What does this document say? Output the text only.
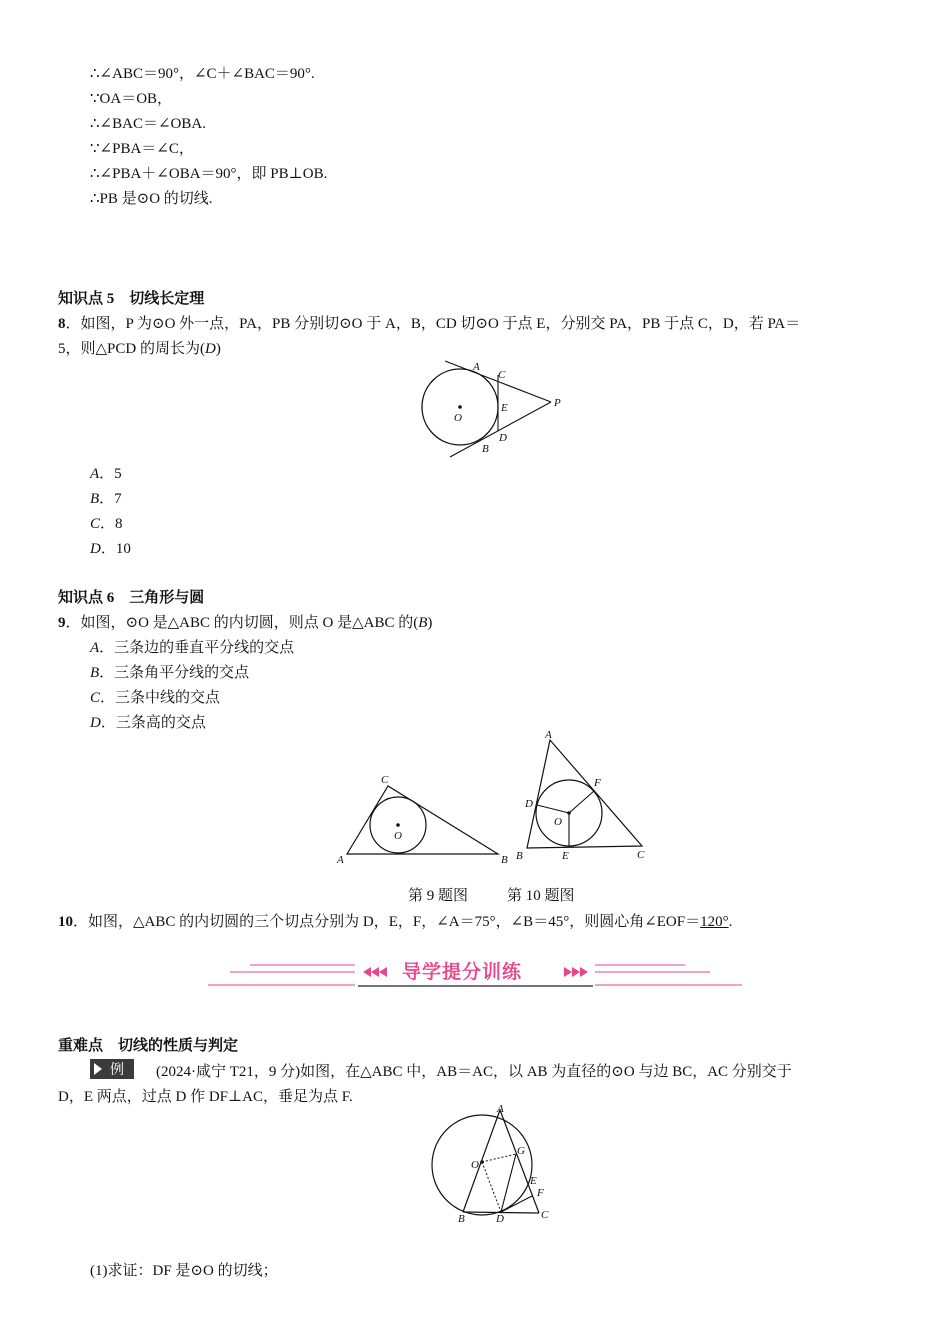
∴∠ABC＝90°，∠C＋∠BAC＝90°.
∵OA＝OB，
∴∠BAC＝∠OBA.
∵∠PBA＝∠C，
∴∠PBA＋∠OBA＝90°，即 PB⊥OB.
∴PB 是⊙O 的切线.
知识点 5　切线长定理
8．如图，P 为⊙O 外一点，PA，PB 分别切⊙O 于 A，B，CD 切⊙O 于点 E，分别交 PA，PB 于点 C，D，若 PA＝
5，则△PCD 的周长为(D)
A
C
E
D
B
O
P
A．5
B．7
C．8
D．10
知识点 6　三角形与圆
9．如图，⊙O 是△ABC 的内切圆，则点 O 是△ABC 的(B)
A．三条边的垂直平分线的交点
B．三条角平分线的交点
C．三条中线的交点
D．三条高的交点
O
C
A	B
A
F
D
O
B	E	C
第 9 题图	第 10 题图
10．如图，△ABC 的内切圆的三个切点分别为 D，E，F，∠A＝75°，∠B＝45°，则圆心角∠EOF＝120°.
导学提分训练
重难点　切线的性质与判定
例 (2024·咸宁 T21，9 分)如图，在△ABC 中，AB＝AC，以 AB 为直径的⊙O 与边 BC，AC 分别交于
D，E 两点，过点 D 作 DF⊥AC，垂足为点 F.
A
G
O
E
F
B	D	C
(1)求证：DF 是⊙O 的切线；
